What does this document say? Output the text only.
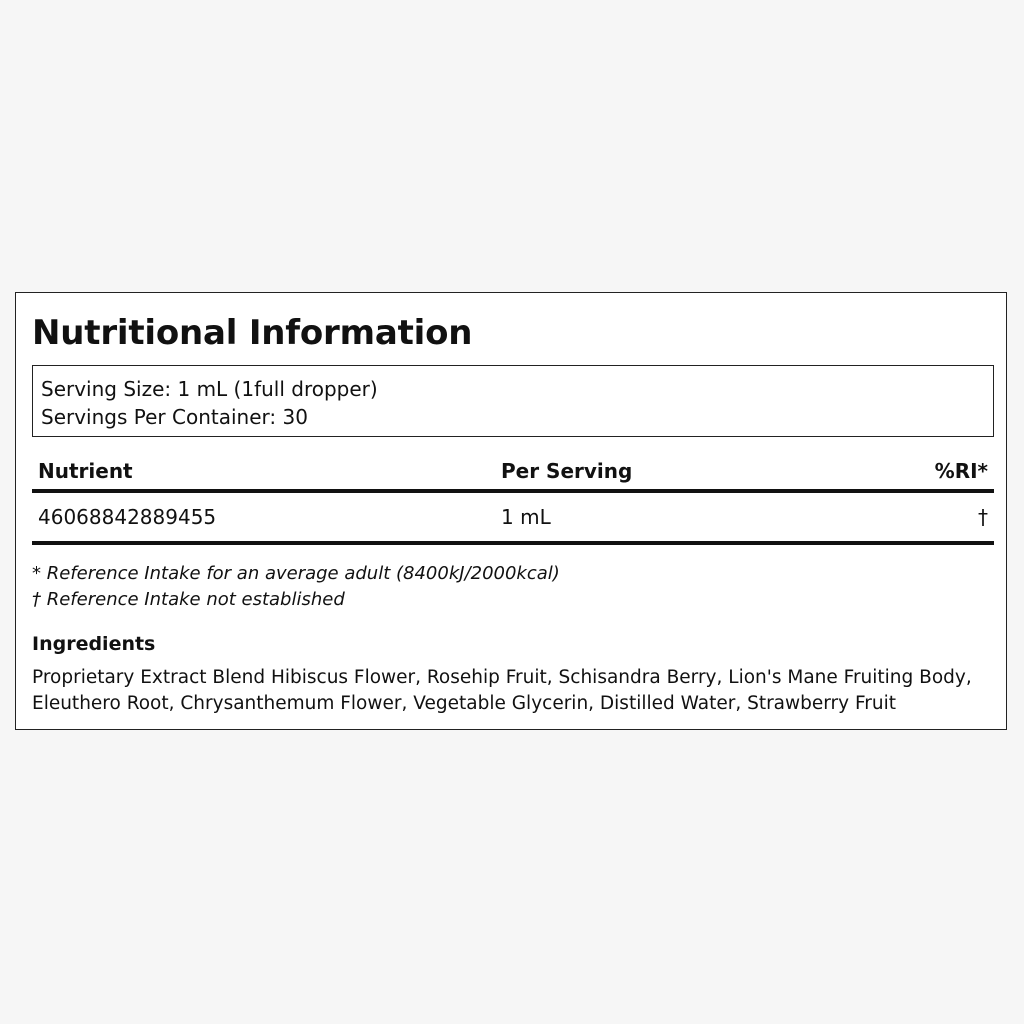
Nutritional Information
Serving Size: 1 mL (1full dropper)
Servings Per Container: 30
Nutrient	Per Serving	%RI*
46068842889455	1 mL	†
* Reference Intake for an average adult (8400kJ/2000kcal)
† Reference Intake not established
Ingredients
Proprietary Extract Blend Hibiscus Flower, Rosehip Fruit, Schisandra Berry, Lion's Mane Fruiting Body, Eleuthero Root, Chrysanthemum Flower, Vegetable Glycerin, Distilled Water, Strawberry Fruit
